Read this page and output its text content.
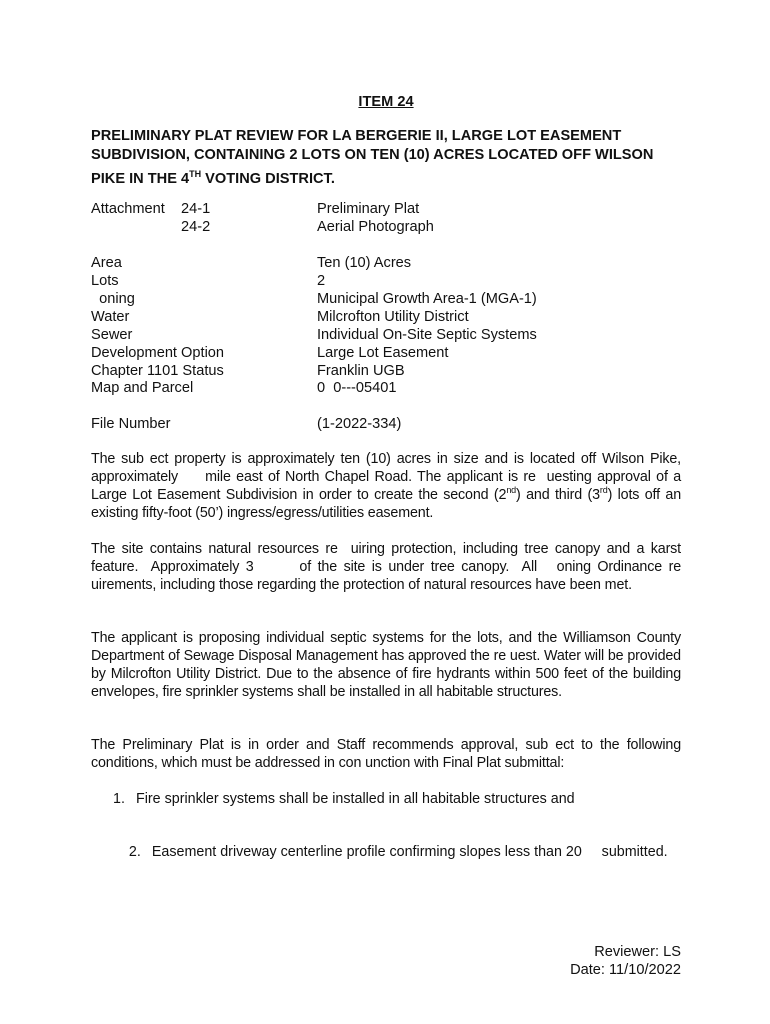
ITEM 24
PRELIMINARY PLAT REVIEW FOR LA BERGERIE II, LARGE LOT EASEMENT SUBDIVISION, CONTAINING 2 LOTS ON TEN (10) ACRES LOCATED OFF WILSON PIKE IN THE 4TH VOTING DISTRICT.
Attachment 24-1	Preliminary Plat
24-2	Aerial Photograph
Area	Ten (10) Acres
Lots	2
oning	Municipal Growth Area-1 (MGA-1)
Water	Milcrofton Utility District
Sewer	Individual On-Site Septic Systems
Development Option	Large Lot Easement
Chapter 1101 Status	Franklin UGB
Map and Parcel	0  0---05401
File Number	(1-2022-334)
The sub ect property is approximately ten (10) acres in size and is located off Wilson Pike, approximately     mile east of North Chapel Road. The applicant is re  uesting approval of a Large Lot Easement Subdivision in order to create the second (2nd) and third (3rd) lots off an existing fifty-foot (50’) ingress/egress/utilities easement.
The site contains natural resources re  uiring protection, including tree canopy and a karst feature.  Approximately 3       of the site is under tree canopy.  All   oning Ordinance re  uirements, including those regarding the protection of natural resources have been met.
The applicant is proposing individual septic systems for the lots, and the Williamson County Department of Sewage Disposal Management has approved the re uest. Water will be provided by Milcrofton Utility District. Due to the absence of fire hydrants within 500 feet of the building envelopes, fire sprinkler systems shall be installed in all habitable structures.
The Preliminary Plat is in order and Staff recommends approval, sub ect to the following conditions, which must be addressed in con unction with Final Plat submittal:
1. Fire sprinkler systems shall be installed in all habitable structures and

2. Easement driveway centerline profile confirming slopes less than 20     submitted.

Reviewer: LS
Date: 11/10/2022
